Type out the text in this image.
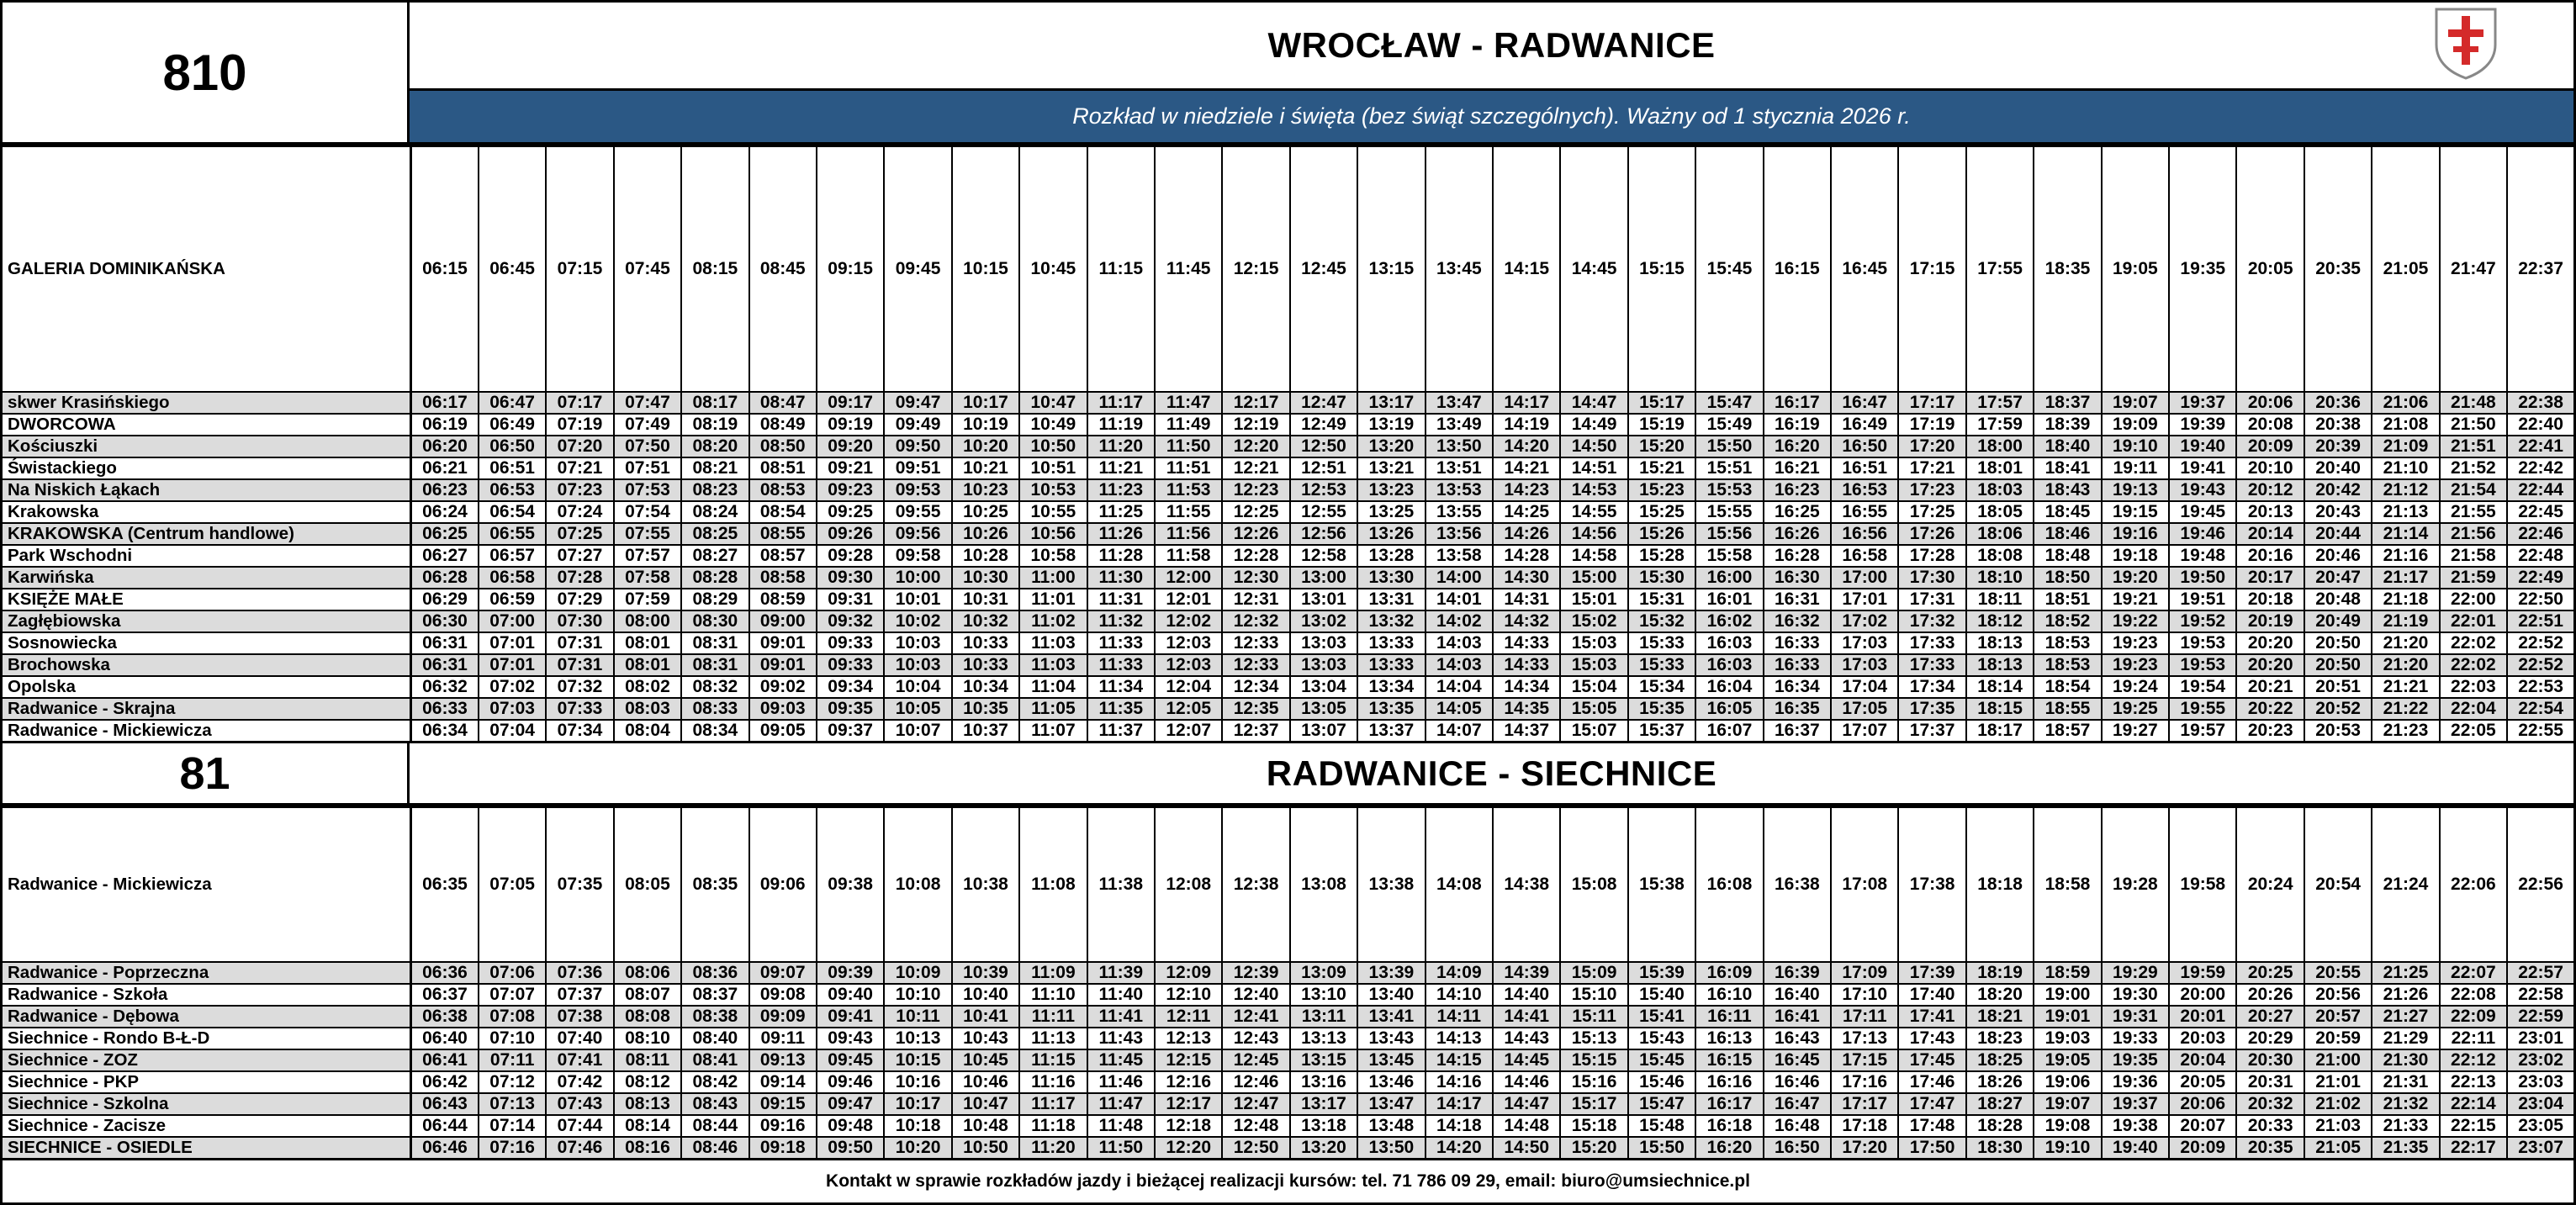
810	WROCŁAW - RADWANICE
Rozkład w niedziele i święta (bez świąt szczególnych). Ważny od 1 stycznia 2026 r.
GALERIA DOMINIKAŃSKA	06:15	06:45	07:15	07:45	08:15	08:45	09:15	09:45	10:15	10:45	11:15	11:45	12:15	12:45	13:15	13:45	14:15	14:45	15:15	15:45	16:15	16:45	17:15	17:55	18:35	19:05	19:35	20:05	20:35	21:05	21:47	22:37
skwer Krasińskiego	06:17	06:47	07:17	07:47	08:17	08:47	09:17	09:47	10:17	10:47	11:17	11:47	12:17	12:47	13:17	13:47	14:17	14:47	15:17	15:47	16:17	16:47	17:17	17:57	18:37	19:07	19:37	20:06	20:36	21:06	21:48	22:38
DWORCOWA	06:19	06:49	07:19	07:49	08:19	08:49	09:19	09:49	10:19	10:49	11:19	11:49	12:19	12:49	13:19	13:49	14:19	14:49	15:19	15:49	16:19	16:49	17:19	17:59	18:39	19:09	19:39	20:08	20:38	21:08	21:50	22:40
Kościuszki	06:20	06:50	07:20	07:50	08:20	08:50	09:20	09:50	10:20	10:50	11:20	11:50	12:20	12:50	13:20	13:50	14:20	14:50	15:20	15:50	16:20	16:50	17:20	18:00	18:40	19:10	19:40	20:09	20:39	21:09	21:51	22:41
Świstackiego	06:21	06:51	07:21	07:51	08:21	08:51	09:21	09:51	10:21	10:51	11:21	11:51	12:21	12:51	13:21	13:51	14:21	14:51	15:21	15:51	16:21	16:51	17:21	18:01	18:41	19:11	19:41	20:10	20:40	21:10	21:52	22:42
Na Niskich Łąkach	06:23	06:53	07:23	07:53	08:23	08:53	09:23	09:53	10:23	10:53	11:23	11:53	12:23	12:53	13:23	13:53	14:23	14:53	15:23	15:53	16:23	16:53	17:23	18:03	18:43	19:13	19:43	20:12	20:42	21:12	21:54	22:44
Krakowska	06:24	06:54	07:24	07:54	08:24	08:54	09:25	09:55	10:25	10:55	11:25	11:55	12:25	12:55	13:25	13:55	14:25	14:55	15:25	15:55	16:25	16:55	17:25	18:05	18:45	19:15	19:45	20:13	20:43	21:13	21:55	22:45
KRAKOWSKA (Centrum handlowe)	06:25	06:55	07:25	07:55	08:25	08:55	09:26	09:56	10:26	10:56	11:26	11:56	12:26	12:56	13:26	13:56	14:26	14:56	15:26	15:56	16:26	16:56	17:26	18:06	18:46	19:16	19:46	20:14	20:44	21:14	21:56	22:46
Park Wschodni	06:27	06:57	07:27	07:57	08:27	08:57	09:28	09:58	10:28	10:58	11:28	11:58	12:28	12:58	13:28	13:58	14:28	14:58	15:28	15:58	16:28	16:58	17:28	18:08	18:48	19:18	19:48	20:16	20:46	21:16	21:58	22:48
Karwińska	06:28	06:58	07:28	07:58	08:28	08:58	09:30	10:00	10:30	11:00	11:30	12:00	12:30	13:00	13:30	14:00	14:30	15:00	15:30	16:00	16:30	17:00	17:30	18:10	18:50	19:20	19:50	20:17	20:47	21:17	21:59	22:49
KSIĘŻE MAŁE	06:29	06:59	07:29	07:59	08:29	08:59	09:31	10:01	10:31	11:01	11:31	12:01	12:31	13:01	13:31	14:01	14:31	15:01	15:31	16:01	16:31	17:01	17:31	18:11	18:51	19:21	19:51	20:18	20:48	21:18	22:00	22:50
Zagłębiowska	06:30	07:00	07:30	08:00	08:30	09:00	09:32	10:02	10:32	11:02	11:32	12:02	12:32	13:02	13:32	14:02	14:32	15:02	15:32	16:02	16:32	17:02	17:32	18:12	18:52	19:22	19:52	20:19	20:49	21:19	22:01	22:51
Sosnowiecka	06:31	07:01	07:31	08:01	08:31	09:01	09:33	10:03	10:33	11:03	11:33	12:03	12:33	13:03	13:33	14:03	14:33	15:03	15:33	16:03	16:33	17:03	17:33	18:13	18:53	19:23	19:53	20:20	20:50	21:20	22:02	22:52
Brochowska	06:31	07:01	07:31	08:01	08:31	09:01	09:33	10:03	10:33	11:03	11:33	12:03	12:33	13:03	13:33	14:03	14:33	15:03	15:33	16:03	16:33	17:03	17:33	18:13	18:53	19:23	19:53	20:20	20:50	21:20	22:02	22:52
Opolska	06:32	07:02	07:32	08:02	08:32	09:02	09:34	10:04	10:34	11:04	11:34	12:04	12:34	13:04	13:34	14:04	14:34	15:04	15:34	16:04	16:34	17:04	17:34	18:14	18:54	19:24	19:54	20:21	20:51	21:21	22:03	22:53
Radwanice - Skrajna	06:33	07:03	07:33	08:03	08:33	09:03	09:35	10:05	10:35	11:05	11:35	12:05	12:35	13:05	13:35	14:05	14:35	15:05	15:35	16:05	16:35	17:05	17:35	18:15	18:55	19:25	19:55	20:22	20:52	21:22	22:04	22:54
Radwanice - Mickiewicza	06:34	07:04	07:34	08:04	08:34	09:05	09:37	10:07	10:37	11:07	11:37	12:07	12:37	13:07	13:37	14:07	14:37	15:07	15:37	16:07	16:37	17:07	17:37	18:17	18:57	19:27	19:57	20:23	20:53	21:23	22:05	22:55
81	RADWANICE - SIECHNICE
Radwanice - Mickiewicza	06:35	07:05	07:35	08:05	08:35	09:06	09:38	10:08	10:38	11:08	11:38	12:08	12:38	13:08	13:38	14:08	14:38	15:08	15:38	16:08	16:38	17:08	17:38	18:18	18:58	19:28	19:58	20:24	20:54	21:24	22:06	22:56
Radwanice - Poprzeczna	06:36	07:06	07:36	08:06	08:36	09:07	09:39	10:09	10:39	11:09	11:39	12:09	12:39	13:09	13:39	14:09	14:39	15:09	15:39	16:09	16:39	17:09	17:39	18:19	18:59	19:29	19:59	20:25	20:55	21:25	22:07	22:57
Radwanice - Szkoła	06:37	07:07	07:37	08:07	08:37	09:08	09:40	10:10	10:40	11:10	11:40	12:10	12:40	13:10	13:40	14:10	14:40	15:10	15:40	16:10	16:40	17:10	17:40	18:20	19:00	19:30	20:00	20:26	20:56	21:26	22:08	22:58
Radwanice - Dębowa	06:38	07:08	07:38	08:08	08:38	09:09	09:41	10:11	10:41	11:11	11:41	12:11	12:41	13:11	13:41	14:11	14:41	15:11	15:41	16:11	16:41	17:11	17:41	18:21	19:01	19:31	20:01	20:27	20:57	21:27	22:09	22:59
Siechnice - Rondo B-Ł-D	06:40	07:10	07:40	08:10	08:40	09:11	09:43	10:13	10:43	11:13	11:43	12:13	12:43	13:13	13:43	14:13	14:43	15:13	15:43	16:13	16:43	17:13	17:43	18:23	19:03	19:33	20:03	20:29	20:59	21:29	22:11	23:01
Siechnice - ZOZ	06:41	07:11	07:41	08:11	08:41	09:13	09:45	10:15	10:45	11:15	11:45	12:15	12:45	13:15	13:45	14:15	14:45	15:15	15:45	16:15	16:45	17:15	17:45	18:25	19:05	19:35	20:04	20:30	21:00	21:30	22:12	23:02
Siechnice - PKP	06:42	07:12	07:42	08:12	08:42	09:14	09:46	10:16	10:46	11:16	11:46	12:16	12:46	13:16	13:46	14:16	14:46	15:16	15:46	16:16	16:46	17:16	17:46	18:26	19:06	19:36	20:05	20:31	21:01	21:31	22:13	23:03
Siechnice - Szkolna	06:43	07:13	07:43	08:13	08:43	09:15	09:47	10:17	10:47	11:17	11:47	12:17	12:47	13:17	13:47	14:17	14:47	15:17	15:47	16:17	16:47	17:17	17:47	18:27	19:07	19:37	20:06	20:32	21:02	21:32	22:14	23:04
Siechnice - Zacisze	06:44	07:14	07:44	08:14	08:44	09:16	09:48	10:18	10:48	11:18	11:48	12:18	12:48	13:18	13:48	14:18	14:48	15:18	15:48	16:18	16:48	17:18	17:48	18:28	19:08	19:38	20:07	20:33	21:03	21:33	22:15	23:05
SIECHNICE - OSIEDLE	06:46	07:16	07:46	08:16	08:46	09:18	09:50	10:20	10:50	11:20	11:50	12:20	12:50	13:20	13:50	14:20	14:50	15:20	15:50	16:20	16:50	17:20	17:50	18:30	19:10	19:40	20:09	20:35	21:05	21:35	22:17	23:07
Kontakt w sprawie rozkładów jazdy i bieżącej realizacji kursów: tel. 71 786 09 29, email: biuro@umsiechnice.pl
